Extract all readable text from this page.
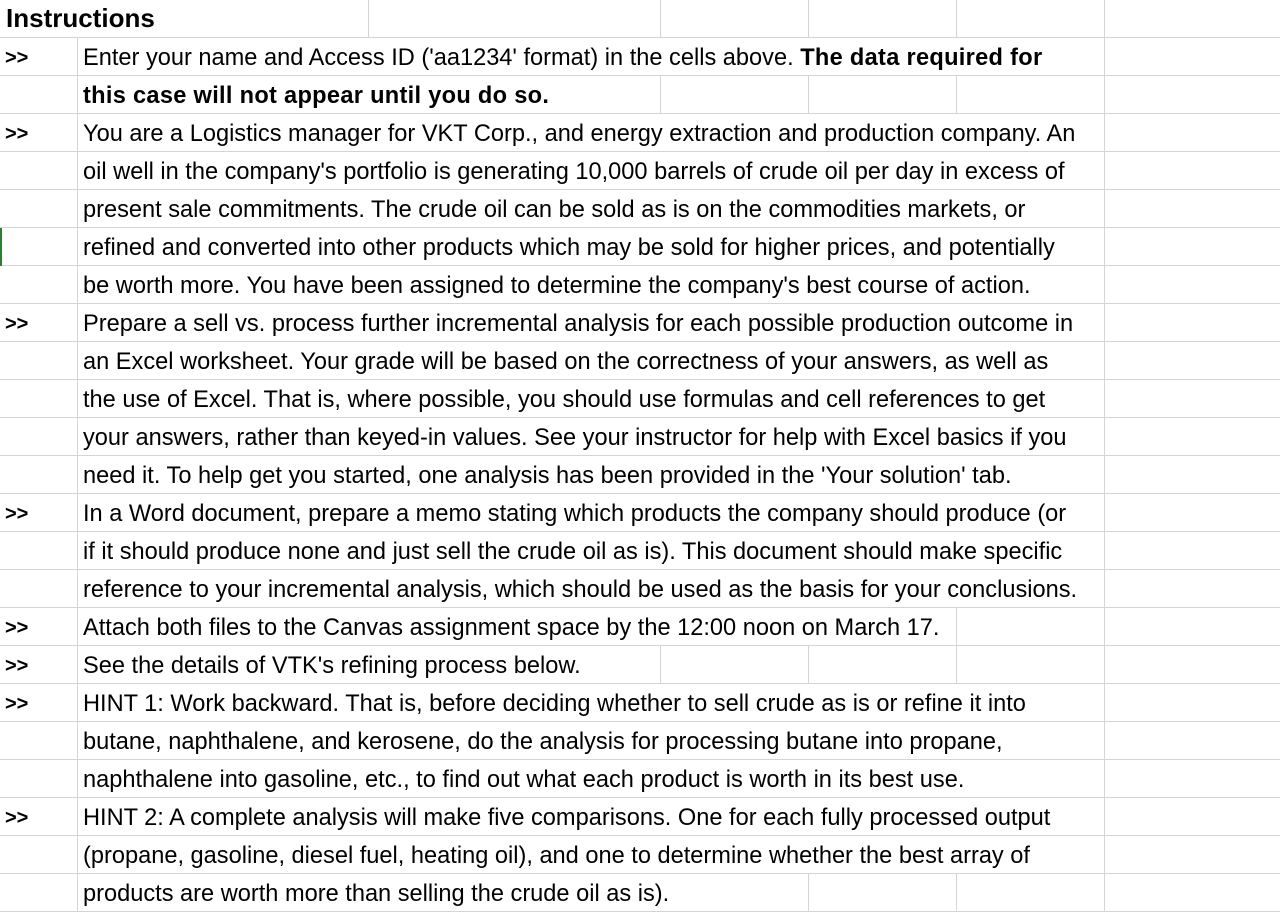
Instructions
Enter your name and Access ID ('aa1234' format) in the cells above. The data required for
>>
this case will not appear until you do so.
You are a Logistics manager for VKT Corp., and energy extraction and production company. An
>>
oil well in the company's portfolio is generating 10,000 barrels of crude oil per day in excess of
present sale commitments. The crude oil can be sold as is on the commodities markets, or
refined and converted into other products which may be sold for higher prices, and potentially
be worth more. You have been assigned to determine the company's best course of action.
Prepare a sell vs. process further incremental analysis for each possible production outcome in
>>
an Excel worksheet. Your grade will be based on the correctness of your answers, as well as
the use of Excel. That is, where possible, you should use formulas and cell references to get
your answers, rather than keyed-in values. See your instructor for help with Excel basics if you
need it. To help get you started, one analysis has been provided in the 'Your solution' tab.
In a Word document, prepare a memo stating which products the company should produce (or
>>
if it should produce none and just sell the crude oil as is). This document should make specific
reference to your incremental analysis, which should be used as the basis for your conclusions.
Attach both files to the Canvas assignment space by the 12:00 noon on March 17.
>>
See the details of VTK's refining process below.
>>
HINT 1: Work backward. That is, before deciding whether to sell crude as is or refine it into
>>
butane, naphthalene, and kerosene, do the analysis for processing butane into propane,
naphthalene into gasoline, etc., to find out what each product is worth in its best use.
HINT 2: A complete analysis will make five comparisons. One for each fully processed output
>>
(propane, gasoline, diesel fuel, heating oil), and one to determine whether the best array of
products are worth more than selling the crude oil as is).
